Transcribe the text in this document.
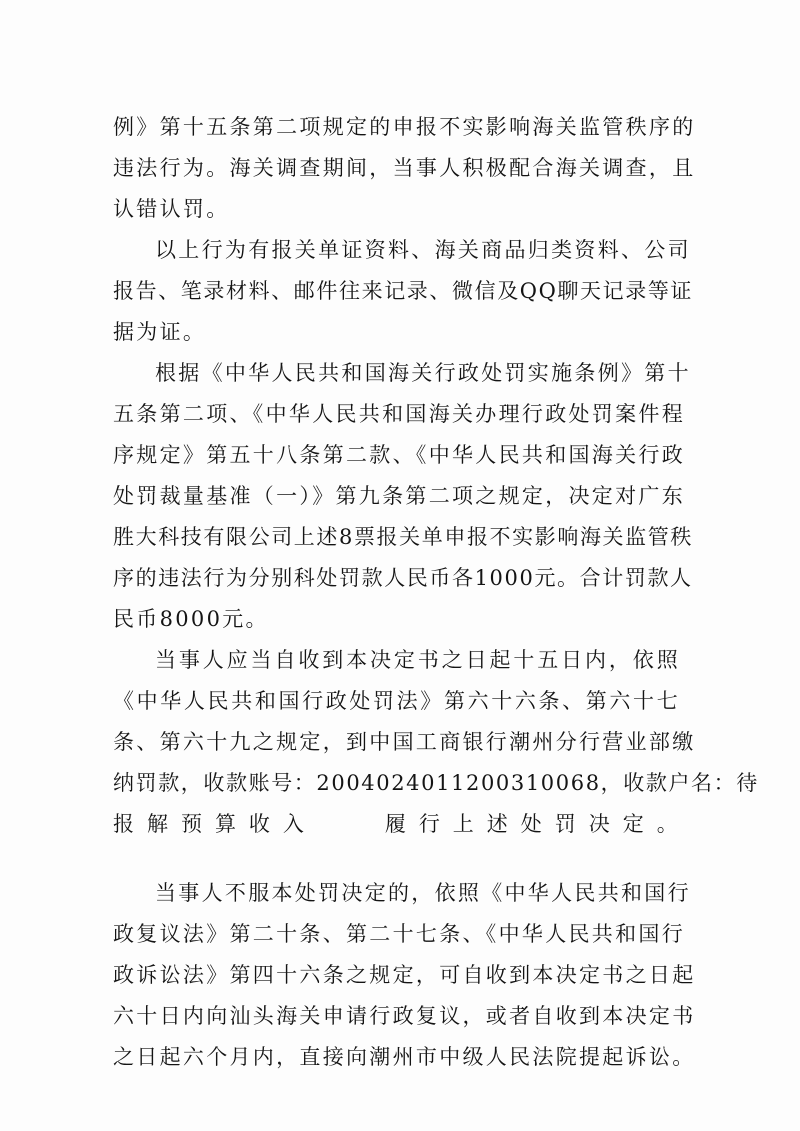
例》第十五条第二项规定的申报不实影响海关监管秩序的
违法行为。海关调查期间，当事人积极配合海关调查，且
认错认罚。
以上行为有报关单证资料、海关商品归类资料、公司
报告、笔录材料、邮件往来记录、微信及QQ聊天记录等证
据为证。
根据《中华人民共和国海关行政处罚实施条例》第十
五条第二项、《中华人民共和国海关办理行政处罚案件程
序规定》第五十八条第二款、《中华人民共和国海关行政
处罚裁量基准（一）》第九条第二项之规定，决定对广东
胜大科技有限公司上述8票报关单申报不实影响海关监管秩
序的违法行为分别科处罚款人民币各1000元。合计罚款人
民币8000元。
当事人应当自收到本决定书之日起十五日内，依照
《中华人民共和国行政处罚法》第六十六条、第六十七
条、第六十九之规定，到中国工商银行潮州分行营业部缴
纳罚款，收款账号：2004024011200310068，收款户名：待
报解预算收入　　履行上述处罚决定。
当事人不服本处罚决定的，依照《中华人民共和国行
政复议法》第二十条、第二十七条、《中华人民共和国行
政诉讼法》第四十六条之规定，可自收到本决定书之日起
六十日内向汕头海关申请行政复议，或者自收到本决定书
之日起六个月内，直接向潮州市中级人民法院提起诉讼。
